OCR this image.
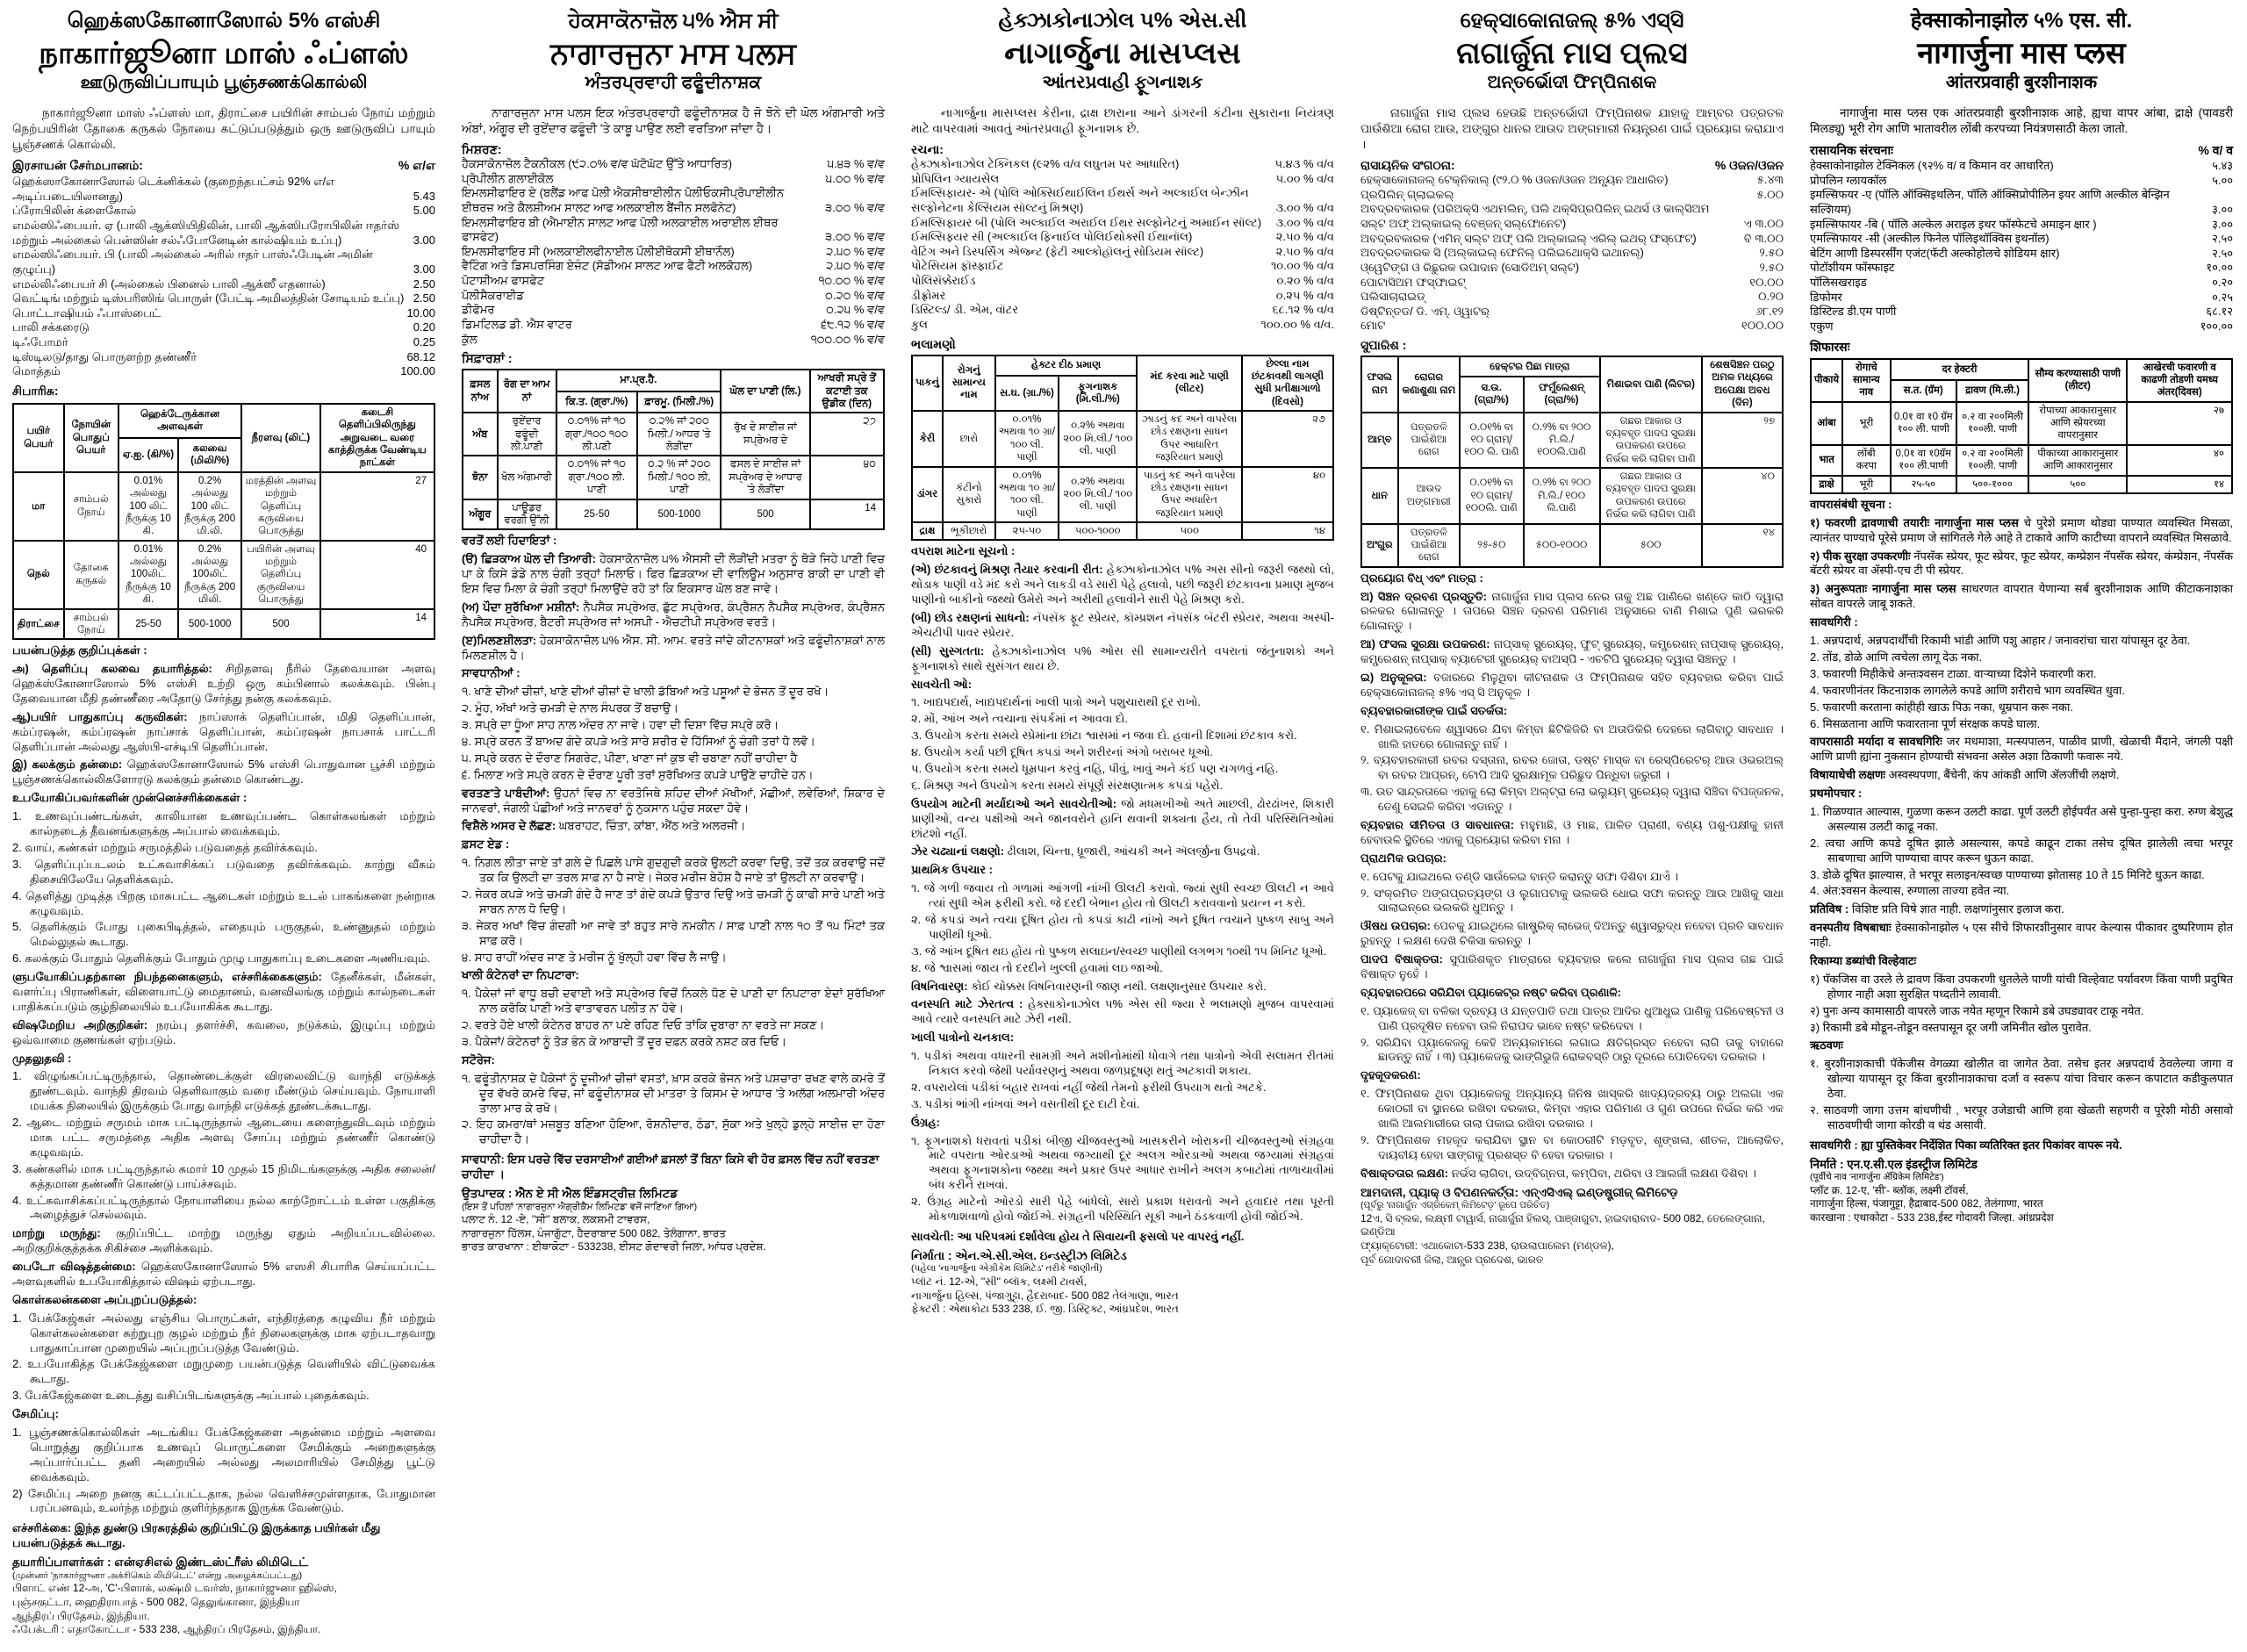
ஹெக்ஸகோனாஸோல் 5% எஸ்சி
நாகார்ஜூனா மாஸ் ஃப்ளஸ்
ஊடுருவிப்பாயும் பூஞ்சணக்கொல்லி

நாகார்ஜூனா மாஸ் ஃப்ளஸ் மா, திராட்சை பயிரின் சாம்பல் நோய் மற்றும் நெற்பயிரின் தோகை கருகல் நோயை கட்டுப்படுத்தும் ஒரு ஊடுருவிப் பாயும் பூஞ்சணக் கொல்லி.

இரசாயன் சேர்மபானம்:	% எ/எ
ஹெக்ஸாகோனாஸோல் டெக்னிக்கல் (குறைந்தபட்சம் 92% எ/எ அடிப்படையிலானது)	5.43
ப்ரோபிலின் க்ளைகோல்	5.00
எமல்ஸிஃபையர். ஏ (பாலி ஆக்ஸியிதிலின், பாலி ஆக்ஸிபரோபிலின் ஈதர்ஸ் மற்றும் அல்கைல் பென்ஸின் சல்ஃபோனேடின் கால்ஷியம் உப்பு)	3.00
எமல்ஸிஃபையர். பி (பாலி அல்கைல் அரில் ஈதர் பாஸ்ஃபேடின் அமின் குழுப்பு)	3.00
எமல்லிஃபையர் சி (அல்கைல் பினைல் பாலி ஆக்ஸீ எதனால்)	2.50
வெட்டிங் மற்றும் டிஸ்பரிஸிங் பொருள் (பேட்டி அமிலத்தின் சோடியம் உப்பு) 2.50
பொட்டாஷியம் ஃபாஸ்பைட்	10.00
பாலி சக்கரைடு	0.20
டிஃபோமர்	0.25
டிஸ்டிலடு/தாது பொருளற்ற தண்ணீர்	68.12
மொத்தம்	100.00
சிபாரிசு:
பயிர் பெயர்	நோயின் பொதுப் பெயர்	ஹெக்டேருக்கான அளவுகள்		நீரளவு (லிட்)	கடைசி தெளிப்பிலிருந்து அறுவடை வரை காத்திருக்க வேண்டிய நாட்கள்
		ஏ.ஐ. (கி/%)	கலவை (மிலி/%)		
மா	சாம்பல் நோய்	0.01% அல்லது 100 லிட் நீருக்கு 10 கி.	0.2% அல்லது 100 லிட் நீருக்கு 200 மி.லி.	மரத்தின் அளவு மற்றும் தெளிப்பு கருவியை பொருத்து	27
நெல்	தோகை கருகல்	0.01% அல்லது 100லிட் நீருக்கு 10 கி.	0.2% அல்லது 100லிட் நீருக்கு 200 மிலி.	பயிரின் அளவு மற்றும் தெளிப்பு குருவியை பொருத்து	40
திராட்சை	சாம்பல் நோய்	25-50	500-1000	500	14
பயன்படுத்த குறிப்புக்கள் :
அ) தெளிப்பு கலவை தயாரித்தல்: சிறிதளவு நீரில் தேவையான அளவு ஹெக்ஸ்கோனாஸோல் 5% எஸ்சி உற்றி ஒரு கம்பினால் கலக்கவும். பின்பு தேவையான மீதி தண்ணீரை அதோடு சேர்த்து நன்கு கலக்கவும்.
ஆ)பயிர் பாதுகாப்பு கருவிகள்: நாப்ஸாக் தெளிப்பான், மிதி தெளிப்பான், கம்ப்ரஷன், கம்ப்ரஷன் நாப்சாக் தெளிப்பான், கம்ப்ரஷன் நாபசாக் பாட்டரி தெளிப்பான் அல்லது ஆஸ்பி-எச்டிபி தெளிப்பான்.
இ) கலக்கும் தன்மை: ஹெக்ஸகோனாஸோல் 5% எஸ்சி பொதுவான பூச்சி மற்றும் பூஞ்சணக்கொல்லிகளோரடு கலக்கும் தன்மை கொண்டது.
உபயோகிப்பவர்களின் முன்னெச்சரிக்கைகள் :
1. உணவுப்பண்டங்கள், காலியான உணவுப்பண்ட கொள்கலங்கள் மற்றும் கால்நடைத் தீவனங்களுக்கு அப்பால் வைக்கவும்.
2. வாய், கண்கள் மற்றும் சருமத்தில் படுவதைத் தவிர்க்கவும்.
3. தெளிப்புப்படலம் உட்சுவாசிக்கப் படுவதை தவிர்க்கவும். காற்று வீசும் திசையிலேயே தெளிக்கவும்.
4. தெளித்து முடித்த பிறகு மாசுபட்ட ஆடைகள் மற்றும் உடல் பாகங்களை நன்றாக கழுவவும்.
5. தெளிக்கும் போது புகைபிடித்தல், எதையும் பருகுதல், உண்ணுதல் மற்றும் மெல்லுதல் கூடாது.
6. கலக்கும் போதும் தெளிக்கும் போதும் முழு பாதுகாப்பு உடைகளை அணியவும்.
ளுபயோகிப்பதற்கான நிபந்தனைகளும், எச்சரிக்கைகளும்: தேனீக்கள், மீன்கள், வளர்ப்பு பிராணிகள், விளையாட்டு மைதானம், வனவிலங்கு மற்றும் கால்நடைகள் பாதிக்கப்படும் குழ்நிலையில் உபயோகிக்க கூடாது.
விஷமேறிய அறிகுறிகள்: நரம்பு தளர்ச்சி, கவலை, நடுக்கம், இழுப்பு மற்றும் ஒவ்வாமை குணங்கள் ஏற்படும்.
முதலுதவி :
1. விழுங்கப்பட்டிருந்தால், தொண்டைக்குள் விரலைவிட்டு வாந்தி எடுக்கத் தூண்டவும். வாந்தி திரவம் தெளிவாகும் வரை மீண்டும் செய்யவும். நோயாளி மயக்க நிலையில் இருக்கும் போது வாந்தி எடுக்கத் தூண்டக்கூடாது.
2. ஆடை மற்றும் சருமம் மாசு பட்டிருந்தால் ஆடையை களைந்துவிடவும் மற்றும் மாசு பட்ட சருமத்தை அதிக அளவு சோப்பு மற்றும் தண்ணீர் கொண்டு கழுவவும்.
3. கண்களில் மாசு பட்டிருந்தால் சுமார் 10 முதல் 15 நிமிடங்களுக்கு அதிக சலைன்/சுத்தமான தண்ணீர் கொண்டு பாய்ச்சவும்.
4. உட்சுவாசிக்கப்பட்டிருந்தால் நோயாளியை நல்ல காற்றோட்டம் உள்ள பகுதிக்கு அழைத்துச் செல்லவும்.
மாற்று மருந்து: குறிப்பிட்ட மாற்று மருந்து ஏதும் அறியப்படவில்லை. அறிகுறிக்குத்தக்க சிகிச்சை அளிக்கவும்.
பைடோ விஷத்தன்மை: ஹெக்ஸகோனாஸோல் 5% எஸசி சிபாரிசு செய்யப்பட்ட அளவுகளில் உபயோகித்தால் விஷம் ஏற்படாது.
கொள்கலன்களை அப்புறப்படுத்தல்:
1. பேக்கேஜ்கள் அல்லது எஞ்சிய பொருட்கள், எந்திரத்தை கழுவிய நீர் மற்றும் கொள்கலன்களை சுற்றுபுற குழல் மற்றும் நீர் நிலைகளுக்கு மாசு ஏற்படாதவாறு பாதுகாப்பான முறையில் அப்புறப்படுத்த வேண்டும்.
2. உபயோகித்த பேக்கேஜ்களை மறுமுறை பயன்படுத்த வெளியில் விட்டுவைக்க கூடாது.
3. பேக்கேஜ்களை உடைத்து வசிப்பிடங்களுக்கு அப்பால் புதைக்கவும்.
சேமிப்பு:
1. பூஞ்சணக்கொல்லிகள் அடங்கிய பேக்கேஜ்களை அதன்மை மற்றும் அளவை பொறுத்து குறிப்பாக உணவுப் பொருட்களை சேமிக்கும் அறைகளுக்கு அப்பார்ப்பட்ட தனி அறையில் அல்லது அலமாரியில் சேமித்து பூட்டு வைக்கவும்.
2) சேமிப்பு அறை நனகு கட்டப்பட்டதாக, நல்ல வெளிச்சமுள்ளதாக, போதுமான பரப்பனவும், உலர்ந்த மற்றும் குளிர்ந்ததாக இருக்க வேண்டும்.
எச்சரிக்கை: இந்த துண்டு பிரசுரத்தில் குறிப்பிட்டு இருக்காத பயிர்கள் மீது பயன்படுத்தக் கூடாது.
தயாரிப்பாளர்கள் : என்ஏசிஎல் இண்டஸ்ட்ரீஸ் லிமிடெட்
(முன்னர் 'நாகார்ஜுனா அக்ரிகெம் லிமிடெட்' என்று அழைக்கப்பட்டது)
பிளாட் எண் 12-அ, 'C'-பிளாக், லக்ஷ்மி டவர்ஸ், நாகார்ஜுனா ஹில்ஸ்,
புஞ்சகுட்டா, ஹைதிராபாத் - 500 082, தெலுங்கானா, இந்தியா
ஆந்திரப் பிரதேசம், இந்தியா.
ஃபேக்டரி : எதாகோட்டா - 533 238, ஆந்திரப் பிரதேசம், இந்தியா.
ਹੇਕਸਾਕੋਨਾਜ਼ੋਲ ੫% ਐਸ ਸੀ
ਨਾਗਾਰਜੁਨਾ ਮਾਸ ਪਲਸ
ਅੰਤਰਪ੍ਰਵਾਹੀ ਫਫੂੰਦੀਨਾਸ਼ਕ

ਨਾਗਾਰਜੁਨਾ ਮਾਸ ਪਲਸ ਇਕ ਅੰਤਰਪ੍ਰਵਾਹੀ ਫਫੂੰਦੀਨਾਸ਼ਕ ਹੈ ਜੋ ਝੋਨੇ ਦੀ ਘੋਲ ਅੰਗਮਾਰੀ ਅਤੇ ਅੰਬਾਂ, ਅੰਗੂਰ ਦੀ ਰੁਏਂਦਾਰ ਫਫੂੰਦੀ 'ਤੇ ਕਾਬੂ ਪਾਉਣ ਲਈ ਵਰਤਿਆ ਜਾਂਦਾ ਹੈ।

ਮਿਸ਼ਰਣ:
ਹੈਕਸਾਕੋਨਾਜ਼ੋਲ ਟੈਕਨੀਕਲ (੯੨.੦% ਵ/ਵ ਘੱਟੋਘੱਟ ਉੱਤੇ ਆਧਾਰਿਤ)	੫.੪੩ % ਵ/ਵ
ਪ੍ਰੋਪੀਲੀਨ ਗਲਾਈਕੋਲ	੫.੦੦ % ਵ/ਵ
ਇਮਲਸੀਫਾਇਰ ਏ (ਬਲੈਂਡ ਆਫ ਪੋਲੀ ਐਕਸੀਥਾਈਲੀਨ ਪੋਲੀਓਕਸੀਪ੍ਰੋਪਾਈਲੀਨ ਈਥਰਜ਼ ਅਤੇ ਕੈਲਸ਼ੀਅਮ ਸਾਲਟ ਆਫ ਅਲਕਾਈਲ ਬੈਂਜੀਨ ਸਲਫੋਨੇਟ)	੩.੦੦ % ਵ/ਵ
ਇਮਲਸੀਫਾਇਰ ਬੀ (ਐਮਾਈਨ ਸਾਲਟ ਆਫ ਪੋਲੀ ਅਲਕਾਈਲ ਅਰਾਈਲ ਈਥਰ ਫਾਸਫੇਟ)	੩.੦੦ % ਵ/ਵ
ਇਮਲਸੀਫਾਇਰ ਸੀ (ਅਲਕਾਈਲਫੀਨਾਈਲ ਪੌਲੀਈਥੋਕਸੀ ਈਥਾਨੌਲ)	੨.੫੦ % ਵ/ਵ
ਵੈਟਿੰਗ ਅਤੇ ਡਿਸਪਰਸਿੰਗ ਏਜੰਟ (ਸੋਡੀਅਮ ਸਾਲਟ ਆਫ ਫੈਟੀ ਅਲਕੋਹਲ)	੨.੫੦ % ਵ/ਵ
ਪੋਟਾਸ਼ੀਅਮ ਫਾਸਫੇਟ	੧੦.੦੦ % ਵ/ਵ
ਪੋਲੀਸੈਕਰਾਈਡ	੦.੨੦ % ਵ/ਵ
ਡੀਫੋਮਰ	੦.੨੫ % ਵ/ਵ
ਡਿਮਟਿਲਡ ਡੀ. ਐਸ ਵਾਟਰ	੬੮.੧੨ % ਵ/ਵ
ਕੁੱਲ	੧੦੦.੦੦ % ਵ/ਵ
ਸਿਫ਼ਾਰਸ਼ਾਂ :
ਫ਼ਸਲ ਨਾਂਅ	ਰੋਗ ਦਾ ਆਮ ਨਾਂ	ਮਾ.ਪ੍ਰ.ਹੈ.		ਘੋਲ ਦਾ ਪਾਣੀ (ਲਿ.)	ਆਖਰੀ ਸਪ੍ਰੇ ਤੋਂ ਕਟਾਈ ਤਕ ਉਡੀਕ (ਦਿਨ)
		ਕਿ.ਤ. (ਗ੍ਰਾ./%)	ਫ਼ਾਰਮੂ. (ਮਿਲੀ./%)		
ਅੰਬ	ਰੁਏਂਦਾਰ ਫਫੂੰਦੀ ਲੀ.ਪਾਣੀ	੦.੦੧% ਜਾਂ ੧੦ ਗ੍ਰਾ./੧੦੦ ੧੦੦ ਲੀ.ਪਣੀ	੦.੨% ਜਾਂ ੨੦੦ ਮਿਲੀ./ ਆਧਰ 'ਤੇ ਲੋੜੀਂਦਾ	ਰੁੱਖ ਦੇ ਸਾਈਜ਼ ਜਾਂ ਸਪ੍ਰੇਅਰ ਦੇ	੨੭
ਝੋਨਾ	ਖੋਲ ਅੰਗਮਾਰੀ	੦.੦੧% ਜਾਂ ੧੦ ਗ੍ਰਾ./੧੦੦ ਲੀ. ਪਾਣੀ	੦.੨ % ਜਾਂ ੨੦੦ ਮਿਲੀ./ ੧੦੦ ਲੀ, ਪਾਣੀ	ਫਸਲ ਦੇ ਸਾਈਜ਼ ਜਾਂ ਸਪ੍ਰੇਅਰ ਦੇ ਆਧਾਰ 'ਤੇ ਲੋੜੀਂਦਾ	੪੦
ਅੰਗੂਰ	ਪਾਊਡਰ ਵਰਗੀ ਉੱਲੀ	25-50	500-1000	500	14
ਵਰਤੋਂ ਲਈ ਹਿਦਾਇਤਾਂ :
(ੳ) ਛਿੜਕਾਅ ਘੋਲ ਦੀ ਤਿਆਰੀ: ਹੇਕਸਾਕੋਨਾਜ਼ੋਲ ੫% ਐਸਸੀ ਦੀ ਲੋੜੀਂਦੀ ਮਤਰਾ ਨੂੰ ਥੋੜੇ ਜਿਹੇ ਪਾਣੀ ਵਿਚ ਪਾ ਕੇ ਕਿਸੇ ਡੰਡੇ ਨਾਲ ਚੰਗੀ ਤਰ੍ਹਾਂ ਮਿਲਾਓ। ਫਿਰ ਛਿੜਕਾਅ ਦੀ ਵਾਲਿਊਮ ਅਨੁਸਾਰ ਬਾਕੀ ਦਾ ਪਾਣੀ ਵੀ ਇਸ ਵਿਚ ਮਿਲਾ ਕੇ ਚੰਗੀ ਤਰ੍ਹਾਂ ਮਿਲਾਉਂਦੇ ਰਹੋ ਤਾਂ ਕਿ ਇਕਸਾਰ ਘੋਲ ਬਣ ਜਾਵੇ।
(ਅ) ਪੌਦਾ ਸੁਰੱਖਿਆ ਮਸ਼ੀਨਾਂ: ਨੈਪਸੈਕ ਸਪ੍ਰੇਅਰ, ਛੁੱਟ ਸਪ੍ਰੇਅਰ, ਕੰਪ੍ਰੈਸ਼ਨ ਨੈਪਸੈਕ ਸਪ੍ਰੇਅਰ, ਕੰਪ੍ਰੈਸ਼ਨ ਨੈਪਸੈਕ ਸਪ੍ਰੇਅਰ, ਬੈਟਰੀ ਸਪ੍ਰੇਅਰ ਜਾਂ ਅਸਪੀ - ਐਚਟੀਪੀ ਸਪ੍ਰੇਅਰ ਵਰਤੋ।
(ੲ)ਮਿਲਣਸ਼ੀਲਤਾ: ਹੇਕਸਾਕੋਨਾਜ਼ੋਲ ੫% ਐਸ. ਸੀ. ਆਮ. ਵਰਤੇ ਜਾਂਦੇ ਕੀਟਨਾਸ਼ਕਾਂ ਅਤੇ ਫਫੂੰਦੀਨਾਸ਼ਕਾਂ ਨਾਲ ਮਿਲਣਸ਼ੀਲ ਹੈ।
ਸਾਵਧਾਨੀਆਂ :
੧. ਖਾਣੇ ਦੀਆਂ ਚੀਜ਼ਾਂ, ਖਾਣੇ ਦੀਆਂ ਚੀਜ਼ਾਂ ਦੇ ਖਾਲੀ ਡੱਬਿਆਂ ਅਤੇ ਪਸ਼ੂਆਂ ਦੇ ਭੋਜਨ ਤੋਂ ਦੂਰ ਰਖੋ।
੨. ਮੂੰਹ, ਅੱਖਾਂ ਅਤੇ ਚਮੜੀ ਦੇ ਨਾਲ ਸੰਪਰਕ ਤੋਂ ਬਚਾਉ।
੩. ਸਪ੍ਰੇ ਦਾ ਧੂੰਆ ਸਾਹ ਨਾਲ ਅੰਦਰ ਨਾ ਜਾਵੇ। ਹਵਾ ਦੀ ਦਿਸ਼ਾ ਵਿੱਚ ਸਪ੍ਰੇ ਕਰੋ।
੪. ਸਪ੍ਰੇ ਕਰਨ ਤੋਂ ਬਾਅਦ ਗੰਦੇ ਕਪੜੇ ਅਤੇ ਸਾਰੇ ਸ਼ਰੀਰ ਦੇ ਹਿੱਸਿਆਂ ਨੂੰ ਚੰਗੀ ਤਰਾਂ ਧੋ ਲਵੋ।
੫. ਸਪ੍ਰੇ ਕਰਨ ਦੇ ਦੌਰਾਣ ਸਿਗਰੇਟ, ਪੀਣਾ, ਖਾਣਾ ਜਾਂ ਕੁਝ ਵੀ ਚਬਾਣਾ ਨਹੀਂ ਚਾਹੀਦਾ ਹੈ
੬. ਮਿਲਾਣ ਅਤੇ ਸਪ੍ਰੇ ਕਰਨ ਦੇ ਦੌਰਾਣ ਪੂਰੀ ਤਰਾਂ ਸੁਰੱਖਿਅਤ ਕਪੜੇ ਪਾਉਣੇ ਚਾਹੀਦੇ ਹਨ।
ਵਰਤਣ'ਤੇ ਪਾਬੰਦੀਆਂ: ਉਹਨਾਂ ਵਿਚ ਨਾ ਵਰਤੋਜਿਥੇ ਸ਼ਹਿਦ ਦੀਆਂ ਮੱਖੀਆਂ, ਮੱਛੀਆਂ, ਲਵੇਰਿਆਂ, ਸ਼ਿਕਾਰ ਦੇ ਜਾਨਵਰਾਂ, ਜੰਗਲੀ ਪੰਛੀਆਂ ਅਤੇ ਜਾਨਵਰਾਂ ਨੂੰ ਨੁਕਸਾਨ ਪਹੁੰਚ ਸਕਦਾ ਹੋਵੇ।
ਵਿਸ਼ੈਲੇ ਅਸਰ ਦੇ ਲੱਛਣ: ਘਬਰਾਹਟ, ਚਿੰਤਾ, ਕਾਂਬਾ, ਐਂਠ ਅਤੇ ਅਲਰਜੀ।
ਫ਼ਸਟ ਏਡ :
੧. ਨਿਗਲ ਲੀਤਾ ਜਾਏ ਤਾਂ ਗਲੇ ਦੇ ਪਿਛਲੇ ਪਾਸੇ ਗੁਦਗੁਦੀ ਕਰਕੇ ਉਲਟੀ ਕਰਵਾ ਦਿਉ, ਤਦੋਂ ਤਕ ਕਰਵਾਉ ਜਦੋਂ ਤਕ ਕਿ ਉਲਟੀ ਦਾ ਤਰਲ ਸਾਫ਼ ਨਾ ਹੈ ਜਾਏ। ਜੇਕਰ ਮਰੀਜ ਬੇਹੋਸ਼ ਹੈ ਜਾਏ ਤਾਂ ਉਲਟੀ ਨਾ ਕਰਵਾਉ।
੨. ਜੇਕਰ ਕਪੜੇ ਅਤੇ ਚਮੜੀ ਗੰਦੇ ਹੈ ਜਾਣ ਤਾਂ ਗੰਦੇ ਕਪੜੇ ਉਤਾਰ ਦਿਉ ਅਤੇ ਚਮੜੀ ਨੂੰ ਕਾਫੀ ਸਾਰੇ ਪਾਣੀ ਅਤੇ ਸਾਬਨ ਨਾਲ ਧੋ ਦਿਉ।
੩. ਜੇਕਰ ਅਖਾਂ ਵਿੱਚ ਗੰਦਗੀ ਆ ਜਾਵੇ ਤਾਂ ਬਹੁਤ ਸਾਰੇ ਨਮਕੀਨ / ਸਾਫ਼ ਪਾਣੀ ਨਾਲ ੧੦ ਤੋਂ ੧੫ ਮਿੰਟਾਂ ਤਕ ਸਾਫ਼ ਕਰੋ।
੪. ਸਾਹ ਰਾਹੀਂ ਅੰਦਰ ਜਾਣ ਤੇ ਮਰੀਜ ਨੂੰ ਖੁੱਲ੍ਹੀ ਹਵਾ ਵਿੱਚ ਲੈ ਜਾਉ।
ਖਾਲੀ ਕੰਟੇਨਰਾਂ ਦਾ ਨਿਪਟਾਰਾ:
੧. ਪੈਕੇਜ਼ਾਂ ਜਾਂ ਵਾਧੂ ਬਚੀ ਦਵਾਈ ਅਤੇ ਸਪ੍ਰੇਅਰ ਵਿਚੋਂ ਨਿਕਲੇ ਧੋਣ ਦੇ ਪਾਣੀ ਦਾ ਨਿਪਟਾਰਾ ਏਦਾਂ ਸੁਰੱਖਿਆ ਨਾਲ ਕਰੋਕਿ ਪਾਣੀ ਅਤੇ ਵਾਤਾਵਰਨ ਪਲੀਤ ਨ' ਹੋਵੇ।
੨. ਵਰਤੇ ਹੋਏ ਖਾਲੀ ਕੰਟੇਨਰ ਬਾਹਰ ਨਾ ਪਏ ਰਹਿਣ ਦਿਓ ਤਾਂਕਿ ਦੁਬਾਰਾ ਨਾ ਵਰਤੇ ਜਾ ਸਕਣ।
੩. ਪੈਕੇਜਾਂ/ ਕੰਟੇਨਰਾਂ ਨੂੰ ਤੋੜ ਭੰਨ ਕੇ ਆਬਾਦੀ ਤੋਂ ਦੂਰ ਦਫ਼ਨ ਕਰਕੇ ਨਸ਼ਟ ਕਰ ਦਿਓ।
ਸਟੋਰੇਜ:
੧. ਫਫੂੰਤੀਨਾਸ਼ਕ ਦੇ ਪੈਕੇਜਾਂ ਨੂੰ ਦੂਜੀਆਂ ਚੀਜ਼ਾਂ ਵਸਤਾਂ, ਖ਼ਾਸ ਕਰਕੇ ਭੋਜਨ ਅਤੇ ਪਸ਼ਚਾਰਾ ਰਖਣ ਵਾਲੇ ਕਮਰੇ ਤੋਂ ਦੂਰ ਵੱਖਰੇ ਕਮਰੇ ਵਿਚ, ਜਾਂ ਫਫੂੰਦੀਨਾਸ਼ਕ ਦੀ ਮਾਤਰਾ ਤੇ ਕਿਸਮ ਦੇ ਆਧਾਰ 'ਤੇ ਅਲੱਗ ਅਲਮਾਰੀ ਅੰਦਰ ਤਾਲਾ ਮਾਰ ਕੇ ਰਖੋ।
੨. ਇਹ ਕਮਰਾ/ਥਾਂ ਮਜ਼ਬੂਤ ਬਣਿਆ ਹੋਇਆ, ਰੋਸ਼ਨੀਦਾਰ, ਠੰਡਾ, ਸੁੱਕਾ ਅਤੇ ਖੁਲ੍ਹੇ ਡੁਲ੍ਹੇ ਸਾਈਜ਼ ਦਾ ਹੋਣਾ ਚਾਹੀਦਾ ਹੈ।
ਸਾਵਧਾਨੀ: ਇਸ ਪਰਚੇ ਵਿੱਚ ਦਰਸਾਈਆਂ ਗਈਆਂ ਫ਼ਸਲਾਂ ਤੋਂ ਬਿਨਾ ਕਿਸੇ ਵੀ ਹੋਰ ਫ਼ਸਲ ਵਿੱਚ ਨਹੀਂ ਵਰਤਣਾ ਚਾਹੀਦਾ ।
ਉਤਪਾਦਕ : ਐਨ ਏ ਸੀ ਐਲ ਇੰਡਸਟ੍ਰੀਜ਼ ਲਿਮਿਟਡ
(ਇਸ ਤੋਂ ਪਹਿਲਾਂ 'ਨਾਗਾਰਜੁਨਾ ਐਗ੍ਰੀਕੈਮ ਲਿਮਿਟਡ' ਵਜੋਂ ਜਾਣਿਆ ਗਿਆ)
ਪਲਾਟ ਨੰ. 12 -ਏ, ''ਸੀ'' ਬਲਾਕ, ਲਕਸ਼ਮੀ ਟਾਵਰਸ,
ਨਾਗਾਰਜੁਨਾ ਹਿੱਲਸ, ਪੰਜਾਗੁੱਟਾ, ਹੈਦਰਾਬਾਦ 500 082, ਤੇਲੰਗਾਨਾ, ਭਾਰਤ
ਭਾਰਤ ਕਾਰਖਾਨਾ : ਈਥਾਕੋਟਾ - 533238, ਈਸਟ ਗੋਦਾਵਰੀ ਜਿਲਾ, ਆਂਧਰ ਪ੍ਰਦੇਸ਼.
હેક્ઝાકોનાઝોલ ૫% એસ.સી
નાગાર્જુના માસપ્લસ
આંતરપ્રવાહી ફૂગનાશક

નાગાર્જુના માસપ્લસ કેરીના, દ્રાક્ષ છારાના આને ડાંગરની કંટીના સુકારાના નિયંત્રણ માટે વાપરવામાં આવતું આંતરપ્રવાહી ફૂગનાશક છે.

રચના:
હેક્ઝાકોનાઝોલ ટેક્નિકલ (૯૨% વ/વ લઘુતમ પર આધારિત)	૫.૪૩ % વ/વ
પ્રોપિલિન ગ્યાયસેલ	૫.૦૦ % વ/વ
ઈમલ્સિફાયર- એ (પોલિ ઓક્સિઈથાઈલિન ઈથર્સ અને અલ્કાઈલ બેન્ઝીન સલ્ફોનેટના કેલ્સિયમ સૉલ્ટનું મિશ્રણ)	૩.૦૦ % વ/વ
ઈમલ્સિફાયર બી (પોલિ અલ્કાઈલ અરાઈલ ઈથર સલ્ફોનેટનું અમાઈન સૉલ્ટ)	૩.૦૦ % વ/વ
ઈમલ્સિફ્યર સી (અલ્કાઈલ ફિનાઈલ પોલિઈથોક્સી ઈથાનૉલ)	૨.૫૦ % વ/વ
વેટિંગ અને ડિસ્પર્સિંગ એજ્ન્ટ (ફેટી આલ્કોહૉલનું સોડિયમ સૉલ્ટ)	૨.૫૦ % વ/વ
પોટેસિયમ ફૉસ્ફાઈટ	૧૦.૦૦ % વ/વ
પોલિસૅક્કેરાઈડ	૦.૨૦ % વ/વ
ડીફ્રોમર	૦.૨૫ % વ/વ
ડિસ્ટિલ્ડ/ ડી. એમ, વૉટર	૬૮.૧૨ % વ/વ
કુલ	૧૦૦.૦૦ % વ/વ.
ભલામણો
પાકનું	રોગનું સામાન્ય નામ	હેક્ટર દીઠ પ્રમાણ		મંદ કરવા માટે પાણી (લીટર)	છેલ્લા નામ છંટકાવથી લાગણી સુધી પ્રતીક્ષાગાળો (દિવસો)
		સ.ઘ. (ગ્રા./%)	ફૂગનાશક (મિ.લી./%)		
કેરી	છારો	૦.૦૧% અથવા ૧૦ ગ્રા/ ૧૦૦ લી. પાણી	૦.૨% અથવા ૨૦૦ મિ.લી./ ૧૦૦ લી. પાણી	ઝાડનું કદ અને વાપરેલા છોડ રક્ષણના સાધન ઉપર આધારિત જરૂરિયાત પ્રમાણે	૨૭
ડાંગર	કંટીનો સુકારો	૦.૦૧% અથવા ૧૦ ગ્રા/ ૧૦૦ લી. પાણી	૦.૨% અથવા ૨૦૦ મિ.લી./ ૧૦૦ લી. પાણી	પાડનું કદ અને વાપરેલા છોડ રક્ષણના સાધન ઉપર અધારિત જરૂરિયાત પ્રમાણે	૪૦
દ્રાક્ષ	ભૂકીછારો	૨૫-૫૦	૫૦૦-૧૦૦૦	૫૦૦	૧૪
વપરાશ માટેના સૂચનો :
(એ) છંટકાવનું મિશ્રણ તૈયાર કરવાની રીત: હેક્ઝાકોનાઝોલ ૫% અસ સીનો જરૂરી જથ્થો લો, થોડાક પાણી વડે મંદ કરો અને લાકડી વડે સારી પેહે હલાવો, પછી જરૂરી છંટકાવના પ્રમાણ મુજબ પાણીનો બાકીનો જથ્થો ઉમેરો અને અરીથી હલાવીને સારી પેહે મિશ્રણ કરો.
(બી) છોડ રક્ષણનાં સાધનો: નૅપસૅક ફૂટ સ્પ્રેયર, કૉમ્પ્રશન નૅપસૅક બૅટરી સ્પ્રેયર, અથવા અસ્પી-એચટીપી પાવર સ્પ્રેયર.
(સી) સુસ્ગતતા: હેક્ઝાકોનાઝોલ ૫% ઓસ સી સામાન્યરીતે વપરાતાં જંતુનાશકો અને ફૂગનાશકો સાથે સુસંગત થાય છે.
સાવચેતી ઓ:
૧. ખાદ્યપદાર્થ, ખાદ્યપદાર્થનાં ખાલી પાત્રો અને પશુચારાથી દૂર રાખો.
૨. મોં, આંખ અને ત્વચાના સંપર્કમાં ન આવવા દો.
૩. ઉપયોગ કરતા સમયે સ્પ્રેમાંના છાંટા શ્વાસમાં ન જવા દો. હવાની દિશામાં છંટકાવ કરો.
૪. ઉપયોગ કર્યા પછી દૂષિત કપડાં અને શરીરનાં અંગો બરાબર ધૂઓ.
૫. ઉપયોગ કરતા સમયે ધૂમ્રપાન કરવું નહિ, પીવું, ખાવું અને કંઈ પણ ચગળવું નહિ.
૬. મિશ્રણ અને ઉપયોગ કરતા સમયે સંપૂર્ણ સંરક્ષણાત્મક કપડાં પહેરો.
ઉપયોગ માટેની મર્યાદાઓ અને સાવચેતીઓ: જો મધમખીઓ અતે માછલી, ઢોરઢાંખર, શિકારી પ્રાણીઓ, વન્ય પક્ષીઓ અને જાનવરોને હાનિ થવાની શક્યતા હૈય, તો તેવી પરિસ્થિતિઓમાં છાંટશો નહીં.
ઝેર ચઢ્યાનાં લક્ષણો: ઢીલાશ, ચિન્તા, ધ્રૂજારી, આંચકી અને ઍલર્જીના ઉપદ્રવો.
પ્રાથમિક ઉપચાર :
૧. જે ગળી જવાય તો ગળામાં આંગળી નાંખી ઊલટી કરાવો. જ્યાં સુધી સ્વચ્છ ઊલટી ન આવે ત્યાં સુધી એમ ફરીથી કરો. જે દરદી બેભાન હોય તો ઊલટી કરાવવાનો પ્રયત્ન ન કરો.
૨. જે કપડાં અને ત્વચા દૂષિત હોય તો કપડાં કાઢી નાંખો અને દૂષિત ત્વચાને પુષ્કળ સાબુ અને પાણીથી ધૂઓ.
૩. જે આંખ દૂષિત થઇ હોય તો પુષ્કળ સલાઇન/સ્વચ્છ પાણીથી લગભગ ૧૦થી ૧૫ મિનિટ ધૂઓ.
૪. જે શ્વાસમાં જાય તો દરદીને ખુલ્લી હવામાં લઇ જાઓ.
વિષનિવારણ: કોઈ ચોક્કસ વિષનિવારણની જાણ નથી. લક્ષણાનુસાર ઉપચાર કરો.
વનસ્પતિ માટે ઝેરતત્વ : હેક્સાકોનાઝોલ ૫% એસ સી જ્યા રે ભલામણો મુજબ વાપરવામાં આવે ત્યારે વનસ્પતિ માટે ઝેરી નથી.
ખાલી પાત્રોનો ચનકાલ:
૧. પડીકાં અથવા વધારની સામગ્રી અને મશીનોમાંથી ધોવાગે તથા પાત્રોનો એવી સલામત રીતમાં નિકાલ કરવો જેથી પર્યાવરણનું અથવા જળપ્રદૂષણ થતું અટકાવી શકાય.
૨. વપરાયેલાં પડીકાં બહાર રાખવાં નહીં જેથી તેમનો ફરીથી ઉપયાગ થતો અટકે.
૩. પડીકાં ભાંગી નાંખવાં અને વસતીથી દૂર દાટી દેવાં.
ઉંગ્રહ:
૧. ફૂગનાશકો ધરાવતાં પડીકાં બીજી ચીજવસ્તુઓ ખાસકરીને ખોરાકની ચીજવસ્તુઓ સંગ્રહવા માટે વપરાતા ઓરડાઓ અથવા જગ્યાથી દૂર અલગ ઓરડાઓ અથવા જગ્યામાં સંગ્રહવાં અથવા ફૂગનાશકોના જથ્થા અને પ્રકાર ઉપર આધાર રાખીને અલગ કબાટોમાં તાળાચાવીમાં બંધ કરીને રાખવાં.
૨. ઉંગ્રહ માટેનો ઓરડો સારી પેહે બાંધેલો, સારો પ્રકાશ ધરાવતો અને હવાદાર તથા પૂરતી મોકળાશવાળો હોવો જોઈએ. સંગ્રહની પરિસ્થિતિ સૂકી આને ઠંડકવાળી હોવી જોઈએ.
સાવચેતી: આ પરિપત્રમાં દર્શાવેલા હોય તે સિવાયની ફસલો પર વાપરવું નહીં.
નિર્માતા : એન.એ.સી.એલ. ઇન્ડસ્ટ્રીઝ લિમિટેડ
(પહેલા 'નાગાર્જુના એગ્રીકેમ લિમિટેડ' તરીકે જાણીતી)
પ્લૉટ નં. 12-એ, ''સી'' બ્લૉક, લક્ષ્મી ટાવર્સ,
નાગાર્જુના હિલ્સ, પંજાગુટ્ટા, હૈદરાબાદ- 500 082 તેલંગાણા, ભારત
ફેક્ટરી : એથાકોટા 533 238, ઈ. જી. ડિસ્ટ્રિક્ટ, આંધ્રપ્રદેશ, ભારત
ହେକ୍ସାକୋନାଜଲ୍ ୫% ଏସ୍‌ସି
ନାଗାର୍ଜୁନା ମାସ ପ୍ଲସ
ଅନ୍ତର୍ଭୋଦୀ ଫିମ୍ପିନାଶକ

ନାଗାର୍ଜୁନା ମାସ ପ୍ଲସ ହେଉଛି ଅନ୍ତର୍ଭୋଦୀ ଫିମ୍ପିନାଶକ ଯାହାକୁ ଆମ୍ବର ପତ୍ରତଳ ପାଉଁଶିଆ ରୋଗ ଆଉ, ଅଙ୍ଗୁର ଧାନର ଆଉଦ ଅଙ୍ଗମାରୀ ନିୟନ୍ତ୍ରଣ ପାଇଁ ପ୍ରୟୋଗ କରାଯାଏ ।

ରାସାୟନିକ ସଂଗଠନା:	% ଓଜନ/ଓଜନ
ହେକ୍ସାକୋନାଜଲ୍ ଟେକ୍ନିକାଲ୍ (୯୨.୦ % ଓଜନ/ଓଜନ ଅନ୍ୟୂନ ଆଧାରିତ)	୫.୪୩
ପ୍ରପିଲିନ୍ ଗ୍ଲାଇକଲ୍	୫.୦୦
ଅବଦ୍ରବକାରକ (ପରିଅକ୍ସି ଏଥମଲିନ୍, ପଲି ଥକ୍ସିପ୍ରପିଲିନ୍ ଇଥର୍ସ ଓ କାଲ୍‌ସିଅମ ସଲ୍ଟ ଅଫ୍ ଅଲ୍‌କାଇଲ୍ ବେଞ୍ଜନ୍ ସଲ୍‌ଫୋନେଟ)	ଏ ୩.୦୦
ଅବଦ୍ରବକାରକ (ଏମିନ୍ ସଲ୍ଟ ଅଫ୍ ପଲି ଅଲ୍‌କାଇଲ୍ ଏରିଲ୍ ଇଥର୍ ଫସ୍‌ଫେଟ୍)	ବି ୩.୦୦
ଅବଦ୍ରତକାରକ ସି (ଅଲ୍‌କାଇଲ୍ ଫେନିଲ୍ ପଲିଇଥୋକ୍ସି ଇଥାନଲ୍)	୨.୫୦
ଓ୍ୱେଟିଙ୍ଗ ଓ ରିଛୁରକ ଉପାଦାନ (ସୋଡିଅମ୍ ସଲ୍ଟ)	୨.୫୦
ପୋଟାସିଅମ ଫସ୍‌ଫାଇଟ୍	୧୦.୦୦
ପଲିସାଚାରାଇଡ୍	୦.୨୦
ଡିଷ୍ଟିନ୍ତଡ/ ଡି. ଏମ୍. ଓ୍ୱାଟର୍	୬୮.୧୨
ମୋଟ	୧୦୦.୦୦
ସୁପାରିଶ :
ଫସଲ ନାମ	ରୋଗର କଣାଶୁଣା ନାମ	ହେକ୍ଟର ପିଛା ମାତ୍ରା		ମିଶାଇବା ପାଣି (ଲିଟର)	ଶେଷସିଞ୍ଚନ ପରଠୁ ଅମଳ ମଧ୍ୟରେ ଅପେକ୍ଷା ଅବଧ (ଦିନ)
		ସ.ଉ. (ଗ୍ରା/%)	ଫର୍ମୁଲେଶନ୍ (ଗ୍ରା/%)		
ଆମ୍ବ	ପତ୍ରତଳି ପାଇଁଶିଆ ରୋଗ	୦.୦୧% ବା ୧୦ ଗ୍ରାମ୍/ ୧୦୦ ଲି. ପାଣି	୦.୨% ବା ୨୦୦ ମି.ଲି./ ୧୦୦ଲି.ପାଣି	ଗଛର ଆକାର ଓ ବ୍ୟବହୃତ ପାଦପ ସୁରକ୍ଷା ଉପକରଣ ଉପରେ ନିର୍ଭର କରି ଲାଗିବା ପାଣି	୨୭
ଧାନ	ଆଉଦ ଅଙ୍ଗମାରୀ	୦.୦୧% ବା ୧୦ ଗ୍ରାମ୍/ ୧୦୦ଲି. ପାଣି	୦.୨% ବା ୨୦୦ ମି.ଲି./ ୧୦୦ ଲି.ପାଣି	ଗଛର ଆକାର ଓ ବ୍ୟବହୃତ ପାଦପ ସୁରକ୍ଷା ଉପକରଣ ଉପରେ ନିର୍ଭର କରି ଲାଗିବା ପାଣି	୪୦
ଅଂଗୁର	ପତ୍ରତଳି ପାଇଁଶିଆ ରୋଗ	୨୫-୫୦	୫୦୦-୧୦୦୦	୫୦୦	୧୪
ପ୍ରୟୋଗ ବିଧ୍ ଏବଂ ମାତ୍ରା :
ଅ) ସିଞ୍ଚନ ଦ୍ରବଣ ପ୍ରସ୍ତୁତି: ନାଗାର୍ଜୁନା ମାସ ପ୍ଲସ ନେର ତାକୁ ଅଛ ପାଣିରେ ଖଣ୍ଡେ କାଠି ଦ୍ୱାରା ରଳକର ଗୋଳାନ୍ତୁ । ତାପରେ ସିଞ୍ଚନ ଦ୍ରବଣ ପରିମାଣ ଅନୁସାରେ ବାଣି ମିଶାଇ ପୁଣି ଭରକରି ଗୋଳାନ୍ତୁ ।
ଆ) ଫସଲ ସୁରକ୍ଷା ଉପକରଣ: ନାପ୍‌ସାକ୍ ସ୍ପ୍ରେୟର୍, ଫୁଟ୍ ସ୍ପ୍ରେୟର୍, କମ୍ପ୍ରେଶନ୍ ନାପ୍‌ସାକ୍ ସ୍ପ୍ରେୟର୍, କମ୍ପ୍ରେଶନ୍ ନାପ୍‌ସାକ୍ ବ୍ୟାଟେରୀ ସ୍ପ୍ରେୟର୍ ବାଅସ୍ପି - ଏଚଟିପି ସ୍ପ୍ରେୟର୍ ଦ୍ୱାରା ସିଞ୍ଚନ୍ତୁ ।
ଇ) ଅନୁକୂଳତା: ବଜାରରେ ମିଳୁଥିବା କୀଟନାଶକ ଓ ଫିମ୍ପିନାଶକ ସହିତ ବ୍ୟବହାର କରିବା ପାଇଁ ହେକ୍ସାକୋନାଜଲ୍ ୫% ଏସ୍ ସି ଅନୁକୂଳ ।
ବ୍ୟବହାରକାରୀଙ୍କ ପାଇଁ ସତର୍କତା:
୧. ମିଶାଇଲାବେଳେ ଶ୍ୱାସରେ ଯିବା କିମ୍ବା ଛିଟିକିଜିରି ବା ଅତାଡିକିରି ଦେହରେ ଲାଗିବାଠୁ ସାବଧାନ । ଖାଲି ହାତରେ ଗୋଳାନ୍ତୁ ନାହିଁ ।
୨. ବ୍ୟବହାରକାରୀ ରବର ଦସ୍ତାନା, ରବର ଜୋତା, ଡଷ୍ଟ ମାସ୍କ ବା ରେସ୍ପିରେଟର୍ ଆଉ ଓଭରଅଲ୍ ବା ରବର ଆପ୍ରନ୍, ଟୋପି ଆଦି ସୁରକ୍ଷାମୂକ ପରିଛୁଦ ପିନ୍ଧିବା ଜରୁରୀ ।
୩. ଉତ ସାନ୍ଦ୍ରତାରେ ଏହାକୁ ଲୋ କିମ୍ବା ଅଲ୍‌ଟ୍ରା ଲୋ ଭଲ୍ୟୁମ୍ ସ୍ପ୍ରେୟର୍ ଦ୍ୱାରା ସିଞ୍ଚିବା ବିପଜ୍ଜନକ, ତେଣୁ ସେଇଳି କରିବା ଏଡାନ୍ତୁ ।
ବ୍ୟବହାର ସୀମିତତା ଓ ସାବଧାନତା: ମହୁମାଛି, ଓ ମାଛ, ପାଳିତ ପ୍ରାଣୀ, ବଣ୍ୟ ପଶୁ-ପକ୍ଷୀକୁ ହାନୀ ହେବାଉଳି ସ୍ଥିତିରେ ଏହାକୁ ପ୍ରୟୋଗ କରିବା ମନା ।
ପ୍ରାଥମିକ ଉପଚାର:
୧. ପେଟକୁ ଯାଇଥଲେ ତଣ୍ଡି ସାଉଁଳେଇ ବାନ୍ତି କରାନ୍ତୁ ସଫା ଦିଶିବା ଯାଏଁ ।
୨. ସଂକ୍ରମିତ ଅଙ୍ଗପ୍ରତ୍ୟଙ୍ଗ ଓ ଲୁଗାପଟାକୁ ଭଲକରି ଧୋଇ ସଫା କରନ୍ତୁ ଆଉ ଆଖିକୁ ସାଧା ସାଲାଇନ୍‌ରେ ଭଲକରି ଧୁଅନ୍ତୁ ।
ଔଷଧ ଉପଚାର: ପେଚକୁ ଯାଇଥିଲେ ଗାଷ୍ଟ୍ରିକ୍ ଲାଭେଜ୍ ଦିଅନ୍ତୁ ଶ୍ୱାସରୁଦ୍ଧ ନହେବା ପ୍ରତି ସାବଧାନ ରୁହନ୍ତୁ । ଲକ୍ଷଣ ଦେଖି ଚିକିସା କରନ୍ତୁ ।
ପାଦପ ବିଷାକ୍ତତା: ସୁପାରିଶକୃତ ମାତ୍ରାରେ ବ୍ୟବହାର କଲେ ନାଗାର୍ଜୁନା ମାସ ପ୍ଲସ ଗଛ ପାଇଁ ବିଷାକ୍ତ ନୁହେଁ ।
ବ୍ୟବହାରପରେ ସରିଯିବା ପ୍ୟାକେଟ୍ର ନଷ୍ଟ କରିବା ପ୍ରଣାଳି:
୧. ପ୍ୟାକେଜ୍ ବା ବଳିକା ଦ୍ରବ୍ୟ ଓ ଯନ୍ତପାତି ତଥା ପାତ୍ର ଆଦିର ଧୁଆଧୁଇ ପାଣିକୁ ପରିବେଷ୍ଟନୀ ଓ ପାଣି ପ୍ରଦୂଷିତ ନହେବା ଉଳି ନିରାପଦ ଭାବେ ନଷ୍ଟ କରିଦେବା ।
୨. ସରିଯିବା ପ୍ୟାକେଜକୁ କେହି ଅନ୍ୟକାମରେ ଲଗାଇ କ୍ଷତିଗ୍ରସ୍ତ ନହେବା ଲାଗି ତାକୁ ବାହାରେ ଛାଡନ୍ତୁ ନାହିଁ । ୩) ପ୍ୟାକେଜକୁ ଭାଙ୍ଗିଭୁଜି ରୋକବସ୍ତି ଠାରୁ ଦୂରରେ ପୋତିଦେବା ଦରକାର ।
ଦୃହକୂଦକରଣ:
୧. ଫିମ୍ପିନାଶକ ଥିବା ପ୍ୟାକେଜକୁ ଅନ୍ୟାନ୍ୟ ଜିନିଷ ଖାସ୍‌କରି ଖାଦ୍ୟଦ୍ରବ୍ୟ ଠାରୁ ଅଲଗା ଏକ କୋଠରୀ ବା ସ୍ଥାନରେ ରଖିବା ଦରକାର, କିମ୍ବା ଏହାର ପରିମାଣ ଓ ଗୁଣ ଉପରେ ନିର୍ଭର କରି ଏକ ଖାଲି ଆଲମାରୀରେ ତାଲା ପକାଇ ରଖିବା ଦରକାର ।
୨. ଫିମ୍ପିନାଶକ ମହଜୂଦ କରାଯିବା ସ୍ଥାନ ବା କୋଠରୀଟି ମଡ଼ବୃତ, ଶୃଙ୍ଖଳା, ଶୀତଳ, ଆଲୋକିତ, ଦାୟବୀୟ ହେବା ସାଙ୍ଗକୁ ପ୍ରଶସ୍ତ ବି ହେବା ଦରକାର ।
ବିଷାକ୍ତତାର ଲକ୍ଷଣ: ନର୍ଭସ ଲାଗିବା, ଉଦ୍‌ବିଗ୍ନତା, କମ୍ପିବା, ଥରିବା ଓ ଆଲର୍ଜୀ ଲକ୍ଷଣ ଦିଶିବା ।
ଆମଦାନୀ, ପ୍ୟାକ୍ ଓ ବିପଣନକର୍ତ୍ତା: ଏନ୍‌ଏସିଏଲ୍ ଇଣ୍ଡଷ୍ଟ୍ରୀଜ୍ ଲିମିଟେଡ଼
(ପୂର୍ବରୁ 'ନାଗାର୍ଜୁନ ଏଗ୍ରିକେମ୍ ଲିମିଟେଡ଼' ରୂପେ ପରିଚିତ)
12ଏ, ସି ବ୍ଲକ, ଲକ୍ଷ୍ମୀ ଟାୱାର୍ସ, ନାଗାର୍ଜୁନା ହିଲସ୍, ପାଞ୍ଜାଗୁଟା, ହାଇଦାରାବାଦ- 500 082, ତେଲେଙ୍ଗାନା, ଇଣ୍ଡିଆ
ଫ୍ୟାକ୍ଟୋରୀ: ଏଥାକୋଟା-533 238, ରାଉଲାପାଲେମ (ମଣ୍ଡଳ),
ପୂର୍ବ ଗୋଦାବରୀ ଜିଲା, ଆନ୍ଧ୍ର ପ୍ରଦେଶ, ଭାରତ
हेक्साकोनाझोल ५% एस. सी.
नागार्जुना मास प्लस
आंतरप्रवाही बुरशीनाशक

नागार्जुना मास प्लस एक आंतरप्रवाही बुरशीनाशक आहे, ह्यचा वापर आंबा, द्राक्षे (पावडरी मिलड्यू) भूरी रोग आणि भातावरील लोंबी करपच्या नियंत्रणसाठी केला जातो.

रासायनिक संरचनाः	% व/ व
हेक्साकोनाझोल टेक्निकल (९२% व/ व किमान वर आधारित)	५.४३
प्रोपलिन ग्लायकॉल	५.००
इमल्सिफयर -ए (पॉलि ऑक्सिइथलिन, पॉलि ऑक्सिप्रोपीलिन इयर आणि अल्कील बेन्झिन सल्शियम)	३.००
इमल्सिफायर -बि ( पॉलि अल्केल अराइल इथर फॉस्फेटचे अमाइन क्षार )	३.००
एमल्सिफायर -सी (अल्कील फिनेल पॉलिइथॉक्विस इथनॉल)	२.५०
बेटिंग आणी डिस्परर्सींग एजंट(फॅटी अल्कोहोलचे शोडियम क्षार)	२.५०
पोटॉशीयम फॉस्फाइट	१०.००
पॉलिसखराइड	०.२०
डिफोमर	०.२५
डिस्टिल्ड डी.एम पाणी	६८.१२
एकुण	१००.००
शिफारसः
पीकाये	रोगाचे सामान्य नाव	दर हेक्टरी		सौम्य करण्यासाठी पाणी (लीटर)	आखेरची फवारणी व काढणी तोडणी यमध्य अंतर(दिवस)
		स.त. (ग्रॅम)	द्रावण (मि.ली.)		
आंबा	भूरी	0.0१ वा १0 ग्रॅम १०० ली. पाणी	०.२ वा २००मिली १००ली. पाणी	रोपाच्या आकारानुसार आणि स्प्रेयरच्या वापरानुसार	२७
भात	लोंबी करपा	0.0१ वा १0ग्रॅम १०० ली.पाणी	०.२ वा २००मिली १००ली. पाणी	पीकाच्या आकारानुसार आणि आकारानुसार	४०
द्राक्षे	भूरी	२५-५०	५००-१०००	५००	१४
वापरासंबंधी सूचना :
१) फवरणी द्रावणाची तयारीः नागार्जुना मास प्लस चे पुरेशे प्रमाण थोड्या पाण्यात व्यवस्थित मिसळा, त्यानंतर पाण्याचे पूरेसे प्रमाण जे सांगितले गेले आहे ते टाकावे आणि काटीच्या वापराने व्यवस्थित मिसळावे.
२) पीक सुरक्षा उपकरणीः नॅपसॅक स्प्रेयर, फूट स्प्रेयर, फूट स्प्रेयर, कम्प्रेशन नॅपसॅक स्प्रेयर, कंम्प्रेशन, नॅपसॅक बॅटरी स्प्रेयर वा ॲस्पी-एच टी पी स्प्रेयर.
३) अनुरूपताः नागार्जुना मास प्लस साधरणत वापरात येणान्या सर्ब बुरशीनाशक आणि कीटाकनाशका सोबत वापरले जाबू शकते.
सावधगिरी :
1. अन्नपदार्थ, अन्नपदार्थींची रिकामी भांडी आणि पशु आहार / जनावरांचा चारा यांपासून दूर ठेवा.
2. तोंड, डोळे आणि त्वचेला लागू देऊ नका.
3. फवारणी मिहीकेचे अन्तःश्वसन टाळा. वाऱ्याच्या दिशेने फवारणी करा.
4. फवारणीनंतर किटनाशक लागलेले कपडे आणि शरीराचे भाग व्यवस्थित धुवा.
5. फवारणी करताना कांहीही खाऊ पिऊ नका, धूम्रपान करू नका.
6. मिसळताना आणि फवारताना पूर्ण संरक्षक कपडे घाला.
वापरासाठी मर्यादा व सावधगिरिः जर मधमाशा, मत्स्यपालन, पाळीव प्राणी, खेळाची मैंदाने, जंगली पक्षी आणि प्राणी ह्यांना नुकसान होण्याची संभवना असेल अशा ठिकाणी फवारू नये.
विषायाधेची लक्षणः अस्वस्थपणा, बैंचेनी, कंप आंकडी आणि ॲलजींची लक्षणे.
प्रथमोपचार :
1. गिळण्यात आल्यास, गुळणा करून उलटी काढा. पूर्ण उलटी होईपर्यंत असे पुन्हा-पुन्हा करा. रुग्ण बेशुद्ध असल्यास उलटी काढू नका.
2. त्वचा आणि कपडे दूषित झाले असल्यास, कपडे काढून टाका तसेच दूषित झालेली त्वचा भरपूर साबणाचा आणि पाण्याचा वापर करून धुऊन काढा.
3. डोळे दूषित झाल्यास, ते भरपूर सलाइन/स्वच्छ पाण्याच्या झोतासह 10 ते 15 मिनिटे धुऊन काढा.
4. अंत:श्वसन केल्यास, रुग्णाला ताज्या हवेत न्या.
प्रतिविष : विशिष्ट प्रति विषे ज्ञात नाही. लक्षणांनुसार इलाज करा.
वनस्पतीय विषबाधाः हेक्साकोनाझोल ५ एस सीचे शिफारशीनुसार वापर केल्यास पीकावर दुष्परिणाम होत नाही.
रिकाम्या डब्यांची विल्हेवाटः
१) पॅकजिस वा उरले ले द्रावण किंवा उपकरणी धुतलेले पाणी यांची विल्हेवाट पर्यावरण किंवा पाणी प्रदुषित होणार नाही अशा सुरक्षित पध्दतीने लावावी.
२) पुनः अन्य कामासाठी वापरले जाऊ नयेत म्हणून रिकामे डबे उघड्यावर टाकू नयेत.
३) रिकामी डबे मोडून-तोडून वस्तपासून दूर जगी जमिनीत खोल पुरावेत.
ऋठवणः
१. बुरशीनाशकाची पॅकेजीस वेगळ्या खोलीत वा जागेत ठेवा. तसेच इतर अन्नपदार्थ ठेवलेल्या जागा व खोल्या यापासून दूर किंवा बुरशीनाशकाचा दर्जा व स्वरूप यांचा विचार करून कपाटात कडीकुलपात ठेवा.
२. साठवणी जागा उत्तम बांधणीची , भरपूर उजेडाची आणि हवा खेळती सहणरी व पूरेशी मोठी असावो साठवणीची जागा कोरडी व थंड असावी.
सावधगिरी : ह्या पुस्तिकेवर निर्देशित पिका व्यतिरिक्त इतर पिकांवर वापरू नये.
निर्माते : एन.ए.सी.एल इंडस्ट्रीज लिमिटेड
(पूर्वीचे नाव 'नागार्जुना ॲग्रिकेम लिमिटेड')
प्लॉट क्र. 12-ए, 'सी'- ब्लॉक, लक्ष्मी टॉवर्स,
नागार्जुना हिल्स, पंजागुट्टा, हैद्राबाद-500 082, तेलंगाणा, भारत
कारखाना : एथाकोटा - 533 238,ईस्ट गोदावरी जिल्हा. आंध्रप्रदेश
